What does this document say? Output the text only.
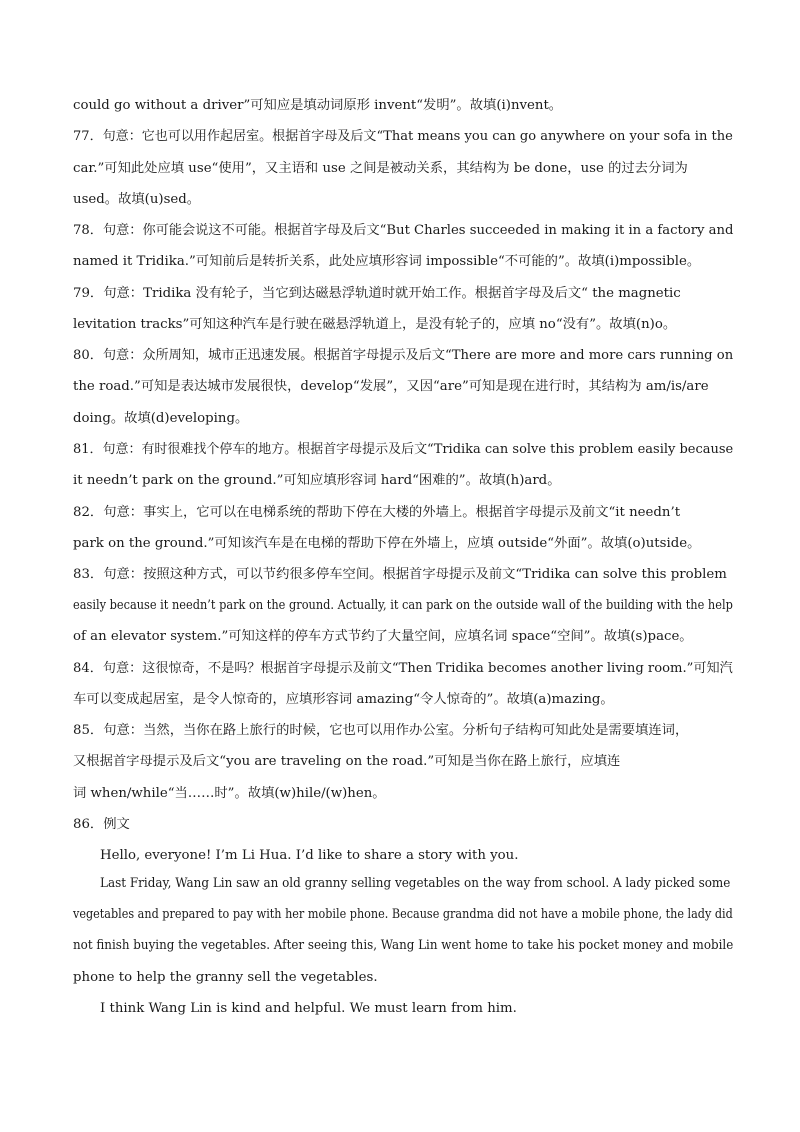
could go without a driver”可知应是填动词原形 invent“发明”。故填(i)nvent。
77．句意：它也可以用作起居室。根据首字母及后文“That means you can go anywhere on your sofa in the
car.”可知此处应填 use“使用”，又主语和 use 之间是被动关系，其结构为 be done，use 的过去分词为
used。故填(u)sed。
78．句意：你可能会说这不可能。根据首字母及后文“But Charles succeeded in making it in a factory and
named it Tridika.”可知前后是转折关系，此处应填形容词 impossible“不可能的”。故填(i)mpossible。
79．句意：Tridika 没有轮子，当它到达磁悬浮轨道时就开始工作。根据首字母及后文“ the magnetic
levitation tracks”可知这种汽车是行驶在磁悬浮轨道上，是没有轮子的，应填 no“没有”。故填(n)o。
80．句意：众所周知，城市正迅速发展。根据首字母提示及后文“There are more and more cars running on
the road.”可知是表达城市发展很快，develop“发展”，又因“are”可知是现在进行时，其结构为 am/is/are
doing。故填(d)eveloping。
81．句意：有时很难找个停车的地方。根据首字母提示及后文“Tridika can solve this problem easily because
it needn’t park on the ground.”可知应填形容词 hard“困难的”。故填(h)ard。
82．句意：事实上，它可以在电梯系统的帮助下停在大楼的外墙上。根据首字母提示及前文“it needn’t
park on the ground.”可知该汽车是在电梯的帮助下停在外墙上，应填 outside“外面”。故填(o)utside。
83．句意：按照这种方式，可以节约很多停车空间。根据首字母提示及前文“Tridika can solve this problem
easily because it needn’t park on the ground. Actually, it can park on the outside wall of the building with the help
of an elevator system.”可知这样的停车方式节约了大量空间，应填名词 space“空间”。故填(s)pace。
84．句意：这很惊奇，不是吗？根据首字母提示及前文“Then Tridika becomes another living room.”可知汽
车可以变成起居室，是令人惊奇的，应填形容词 amazing“令人惊奇的”。故填(a)mazing。
85．句意：当然，当你在路上旅行的时候，它也可以用作办公室。分析句子结构可知此处是需要填连词，
又根据首字母提示及后文“you are traveling on the road.”可知是当你在路上旅行，应填连
词 when/while“当……时”。故填(w)hile/(w)hen。
86．例文
Hello, everyone! I’m Li Hua. I’d like to share a story with you.
Last Friday, Wang Lin saw an old granny selling vegetables on the way from school. A lady picked some
vegetables and prepared to pay with her mobile phone. Because grandma did not have a mobile phone, the lady did
not finish buying the vegetables. After seeing this, Wang Lin went home to take his pocket money and mobile
phone to help the granny sell the vegetables.
I think Wang Lin is kind and helpful. We must learn from him.
